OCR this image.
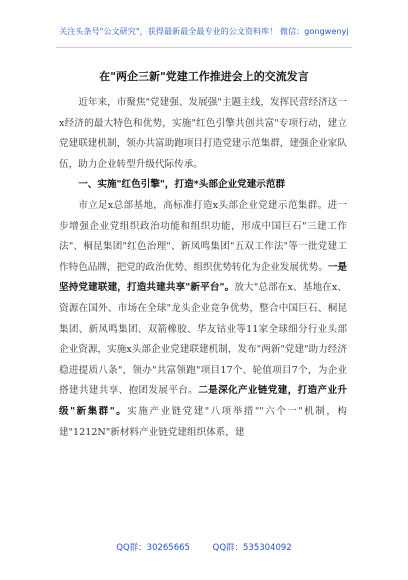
关注头条号"公文研究"，获得最新最全最专业的公文资料库！ 微信：gongwenyj
在"两企三新"党建工作推进会上的交流发言

近年来，市聚焦"党建强、发展强"主题主线，发挥民营经济这一x经济的最大特色和优势，实施"红色引擎共创共富"专项行动，建立党建联建机制，领办共富助跑项目打造党建示范集群，建强企业家队伍，助力企业转型升级代际传承。

一、实施"红色引擎"，打造*头部企业党建示范群

市立足x总部基地，高标准打造x头部企业党建示范集群。进一步增强企业党组织政治功能和组织功能，形成中国巨石"三建工作法"、桐昆集团"红色治理"、新凤鸣集团"五双工作法"等一批党建工作特色品牌，把党的政治优势、组织优势转化为企业发展优势。一是坚持党建联建，打造共建共享"新平台"。放大"总部在x、基地在x、资源在国外、市场在全球"龙头企业竞争优势，整合中国巨石、桐昆集团、新凤鸣集团、双箭橡胶、华友钴业等11家全球细分行业头部企业资源，实施x头部企业党建联建机制，发布"两新"党建"助力经济稳进提质八条"，领办"共富领跑"项目17个、轮值项目7个，为企业搭建共建共享、抱团发展平台。二是深化产业链党建，打造产业升级"新集群"。实施产业链党建"八项举措""六个一"机制，构建"1212N"新材料产业链党建组织体系，建

QQ群：30265665	QQ群：535304092
